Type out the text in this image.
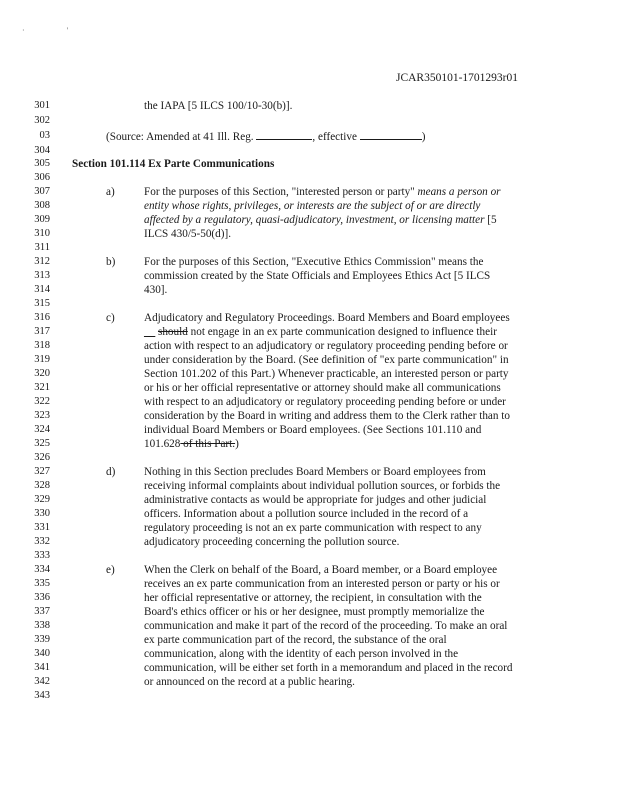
· '
JCAR350101-1701293r01
301	the IAPA [5 ILCS 100/10-30(b)].
302
03	(Source: Amended at 41 Ill. Reg.	, effective	)
304
305 Section 101.114 Ex Parte Communications
306
307	a)	For the purposes of this Section, "interested person or party" means a person or
308	entity whose rights, privileges, or interests are the subject of or are directly
309	affected by a regulatory, quasi-adjudicatory, investment, or licensing matter [5
310	ILCS 430/5-50(d)].
311
312	b)	For the purposes of this Section, "Executive Ethics Commission" means the
313	commission created by the State Officials and Employees Ethics Act [5 ILCS
314	430].
315
316	c)	Adjudicatory and Regulatory Proceedings. Board Members and Board employees
317	__ should not engage in an ex parte communication designed to influence their
318	action with respect to an adjudicatory or regulatory proceeding pending before or
319	under consideration by the Board. (See definition of "ex parte communication" in
320	Section 101.202 of this Part.) Whenever practicable, an interested person or party
321	or his or her official representative or attorney should make all communications
322	with respect to an adjudicatory or regulatory proceeding pending before or under
323	consideration by the Board in writing and address them to the Clerk rather than to
324	individual Board Members or Board employees. (See Sections 101.110 and
325	101.628 of this Part.)
326
327	d)	Nothing in this Section precludes Board Members or Board employees from
328	receiving informal complaints about individual pollution sources, or forbids the
329	administrative contacts as would be appropriate for judges and other judicial
330	officers. Information about a pollution source included in the record of a
331	regulatory proceeding is not an ex parte communication with respect to any
332	adjudicatory proceeding concerning the pollution source.
333
334	e)	When the Clerk on behalf of the Board, a Board member, or a Board employee
335	receives an ex parte communication from an interested person or party or his or
336	her official representative or attorney, the recipient, in consultation with the
337	Board's ethics officer or his or her designee, must promptly memorialize the
338	communication and make it part of the record of the proceeding. To make an oral
339	ex parte communication part of the record, the substance of the oral
340	communication, along with the identity of each person involved in the
341	communication, will be either set forth in a memorandum and placed in the record
342	or announced on the record at a public hearing.
343
